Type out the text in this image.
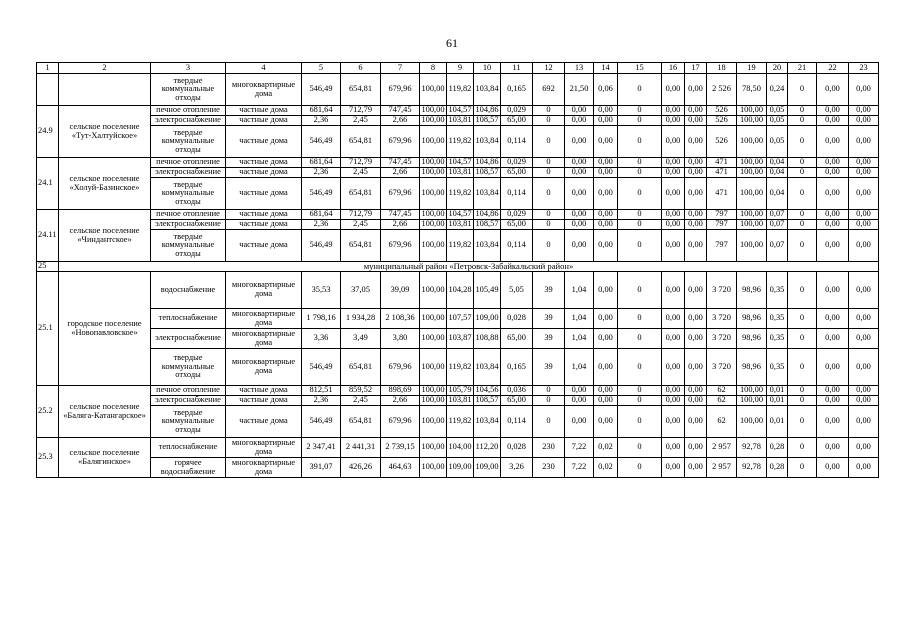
61
1	2	3	4	5	6	7	8	9	10	11	12	13	14	15	16	17	18	19	20	21	22	23
		твердые коммунальные отходы	многоквартирные дома	546,49	654,81	679,96	100,00	119,82	103,84	0,165	692	21,50	0,06	0	0,00	0,00	2 526	78,50	0,24	0	0,00	0,00
24.9	сельское поселение «Тут-Халтуйское»	печное отопление	частные дома	681,64	712,79	747,45	100,00	104,57	104,86	0,029	0	0,00	0,00	0	0,00	0,00	526	100,00	0,05	0	0,00	0,00
		электроснабжение	частные дома	2,36	2,45	2,66	100,00	103,81	108,57	65,00	0	0,00	0,00	0	0,00	0,00	526	100,00	0,05	0	0,00	0,00
		твердые коммунальные отходы	частные дома	546,49	654,81	679,96	100,00	119,82	103,84	0,114	0	0,00	0,00	0	0,00	0,00	526	100,00	0,05	0	0,00	0,00
24.1	сельское поселение «Холуй-Базинское»	печное отопление	частные дома	681,64	712,79	747,45	100,00	104,57	104,86	0,029	0	0,00	0,00	0	0,00	0,00	471	100,00	0,04	0	0,00	0,00
		электроснабжение	частные дома	2,36	2,45	2,66	100,00	103,81	108,57	65,00	0	0,00	0,00	0	0,00	0,00	471	100,00	0,04	0	0,00	0,00
		твердые коммунальные отходы	частные дома	546,49	654,81	679,96	100,00	119,82	103,84	0,114	0	0,00	0,00	0	0,00	0,00	471	100,00	0,04	0	0,00	0,00
24.11	сельское поселение «Чиндантское»	печное отопление	частные дома	681,64	712,79	747,45	100,00	104,57	104,86	0,029	0	0,00	0,00	0	0,00	0,00	797	100,00	0,07	0	0,00	0,00
		электроснабжение	частные дома	2,36	2,45	2,66	100,00	103,81	108,57	65,00	0	0,00	0,00	0	0,00	0,00	797	100,00	0,07	0	0,00	0,00
		твердые коммунальные отходы	частные дома	546,49	654,81	679,96	100,00	119,82	103,84	0,114	0	0,00	0,00	0	0,00	0,00	797	100,00	0,07	0	0,00	0,00
25	муниципальный район «Петровск-Забайкальский район»																					
25.1	городское поселение «Новопавловское»	водоснабжение	многоквартирные дома	35,53	37,05	39,09	100,00	104,28	105,49	5,05	39	1,04	0,00	0	0,00	0,00	3 720	98,96	0,35	0	0,00	0,00
		теплоснабжение	многоквартирные дома	1 798,16	1 934,28	2 108,36	100,00	107,57	109,00	0,028	39	1,04	0,00	0	0,00	0,00	3 720	98,96	0,35	0	0,00	0,00
		электроснабжение	многоквартирные дома	3,36	3,49	3,80	100,00	103,87	108,88	65,00	39	1,04	0,00	0	0,00	0,00	3 720	98,96	0,35	0	0,00	0,00
		твердые коммунальные отходы	многоквартирные дома	546,49	654,81	679,96	100,00	119,82	103,84	0,165	39	1,04	0,00	0	0,00	0,00	3 720	98,96	0,35	0	0,00	0,00
25.2	сельское поселение «Баляга-Катангарское»	печное отопление	частные дома	812,51	859,52	898,69	100,00	105,79	104,56	0,036	0	0,00	0,00	0	0,00	0,00	62	100,00	0,01	0	0,00	0,00
		электроснабжение	частные дома	2,36	2,45	2,66	100,00	103,81	108,57	65,00	0	0,00	0,00	0	0,00	0,00	62	100,00	0,01	0	0,00	0,00
		твердые коммунальные отходы	частные дома	546,49	654,81	679,96	100,00	119,82	103,84	0,114	0	0,00	0,00	0	0,00	0,00	62	100,00	0,01	0	0,00	0,00
25.3	сельское поселение «Балягинское»	теплоснабжение	многоквартирные дома	2 347,41	2 441,31	2 739,15	100,00	104,00	112,20	0,028	230	7,22	0,02	0	0,00	0,00	2 957	92,78	0,28	0	0,00	0,00
		горячее водоснабжение	многоквартирные дома	391,07	426,26	464,63	100,00	109,00	109,00	3,26	230	7,22	0,02	0	0,00	0,00	2 957	92,78	0,28	0	0,00	0,00
